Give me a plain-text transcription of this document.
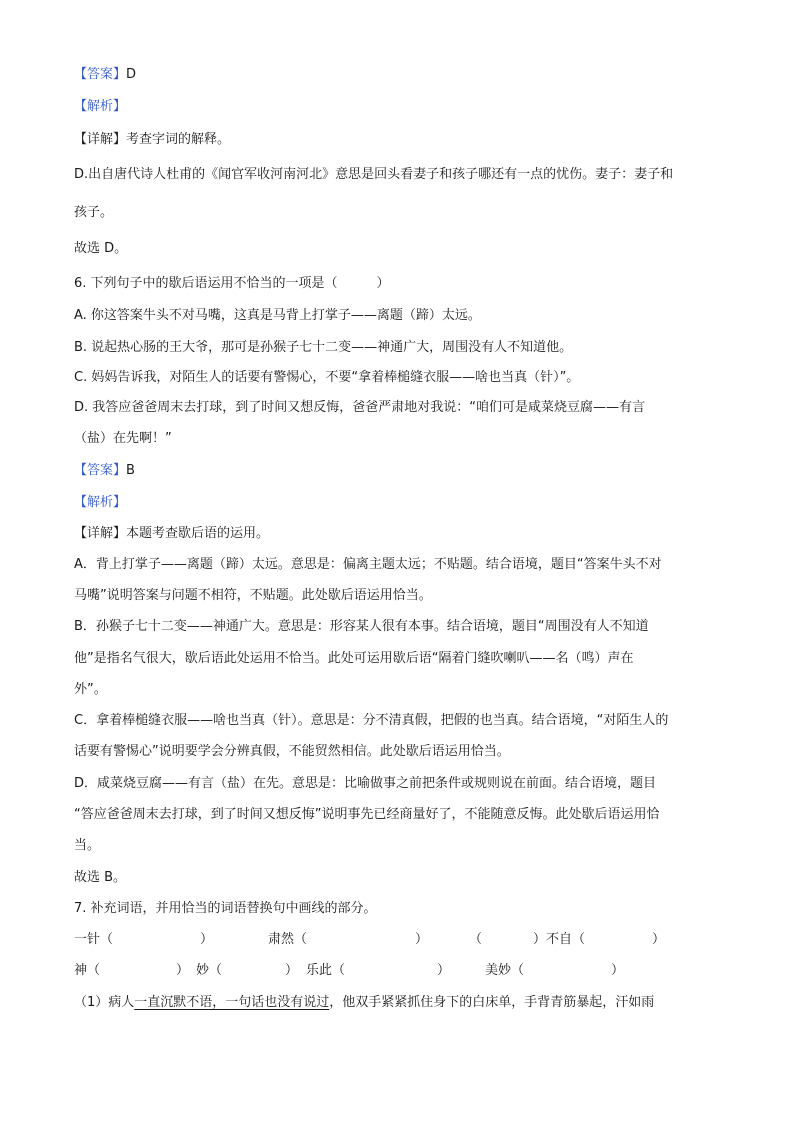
【答案】D
【解析】
【详解】考查字词的解释。
D.出自唐代诗人杜甫的《闻官军收河南河北》意思是回头看妻子和孩子哪还有一点的忧伤。妻子：妻子和
孩子。
故选 D。
6. 下列句子中的歇后语运用不恰当的一项是（　　　）
A. 你这答案牛头不对马嘴，这真是马背上打掌子——离题（蹄）太远。
B. 说起热心肠的王大爷，那可是孙猴子七十二变——神通广大，周围没有人不知道他。
C. 妈妈告诉我，对陌生人的话要有警惕心，不要“拿着棒槌缝衣服——啥也当真（针）”。
D. 我答应爸爸周末去打球，到了时间又想反悔，爸爸严肃地对我说：“咱们可是咸菜烧豆腐——有言
（盐）在先啊！”
【答案】B
【解析】
【详解】本题考查歇后语的运用。
A．背上打掌子——离题（蹄）太远。意思是：偏离主题太远；不贴题。结合语境，题目“答案牛头不对
马嘴”说明答案与问题不相符，不贴题。此处歇后语运用恰当。
B．孙猴子七十二变——神通广大。意思是：形容某人很有本事。结合语境，题目“周围没有人不知道
他”是指名气很大，歇后语此处运用不恰当。此处可运用歇后语“隔着门缝吹喇叭——名（鸣）声在
外”。
C．拿着棒槌缝衣服——啥也当真（针）。意思是：分不清真假，把假的也当真。结合语境，“对陌生人的
话要有警惕心”说明要学会分辨真假，不能贸然相信。此处歇后语运用恰当。
D．咸菜烧豆腐——有言（盐）在先。意思是：比喻做事之前把条件或规则说在前面。结合语境，题目
“答应爸爸周末去打球，到了时间又想反悔”说明事先已经商量好了，不能随意反悔。此处歇后语运用恰
当。
故选 B。
7. 补充词语，并用恰当的词语替换句中画线的部分。
一针（	）	肃然（	）	（	）不自（	）
神（	） 妙（	） 乐此（	）	美妙（	）
（1）病人一直沉默不语，一句话也没有说过，他双手紧紧抓住身下的白床单，手背青筋暴起，汗如雨
